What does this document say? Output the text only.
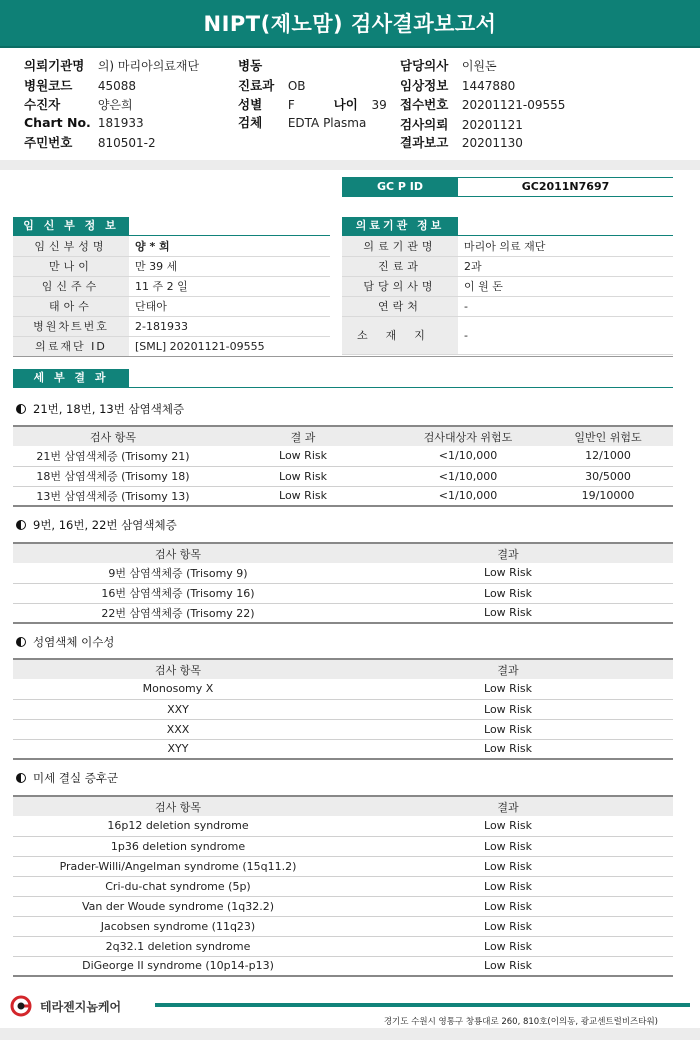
NIPT(제노맘) 검사결과보고서
의뢰기관명 의) 마리아의료재단
병원코드 45088
수진자	양은희
Chart No. 181933
주민번호 810501-2
병동
진료과 OB
성별 F	나이 39
검체 EDTA Plasma
담당의사 이원돈
임상정보 1447880
접수번호 20201121-09555
검사의뢰 20201121
결과보고 20201130
GC P ID	GC2011N7697
임 신 부 정 보
임신부성명	양 * 희
만나이	만 39 세
임신주수	11 주 2 일
태아수	단태아
병원차트번호	2-181933
의료재단 ID	[SML] 20201121-09555
의료기관 정보
의료기관명	마리아 의료 재단
진료과	2과
담당의사명	이 원 돈
연락처	-
소재지	-
세 부 결 과
21번, 18번, 13번 삼염색체증
검사 항목	결 과	검사대상자 위험도	일반인 위험도
21번 삼염색체증 (Trisomy 21)	Low Risk	<1/10,000	12/1000
18번 삼염색체증 (Trisomy 18)	Low Risk	<1/10,000	30/5000
13번 삼염색체증 (Trisomy 13)	Low Risk	<1/10,000	19/10000
9번, 16번, 22번 삼염색체증
검사 항목	결과
9번 삼염색체증 (Trisomy 9)	Low Risk
16번 삼염색체증 (Trisomy 16)	Low Risk
22번 삼염색체증 (Trisomy 22)	Low Risk
성염색체 이수성
검사 항목	결과
Monosomy X	Low Risk
XXY	Low Risk
XXX	Low Risk
XYY	Low Risk
미세 결실 증후군
검사 항목	결과
16p12 deletion syndrome	Low Risk
1p36 deletion syndrome	Low Risk
Prader-Willi/Angelman syndrome (15q11.2)	Low Risk
Cri-du-chat syndrome (5p)	Low Risk
Van der Woude syndrome (1q32.2)	Low Risk
Jacobsen syndrome (11q23)	Low Risk
2q32.1 deletion syndrome	Low Risk
DiGeorge II syndrome (10p14-p13)	Low Risk
테라젠지놈케어
경기도 수원시 영통구 창룡대로 260, 810호(이의동, 광교센트럴비즈타워)
